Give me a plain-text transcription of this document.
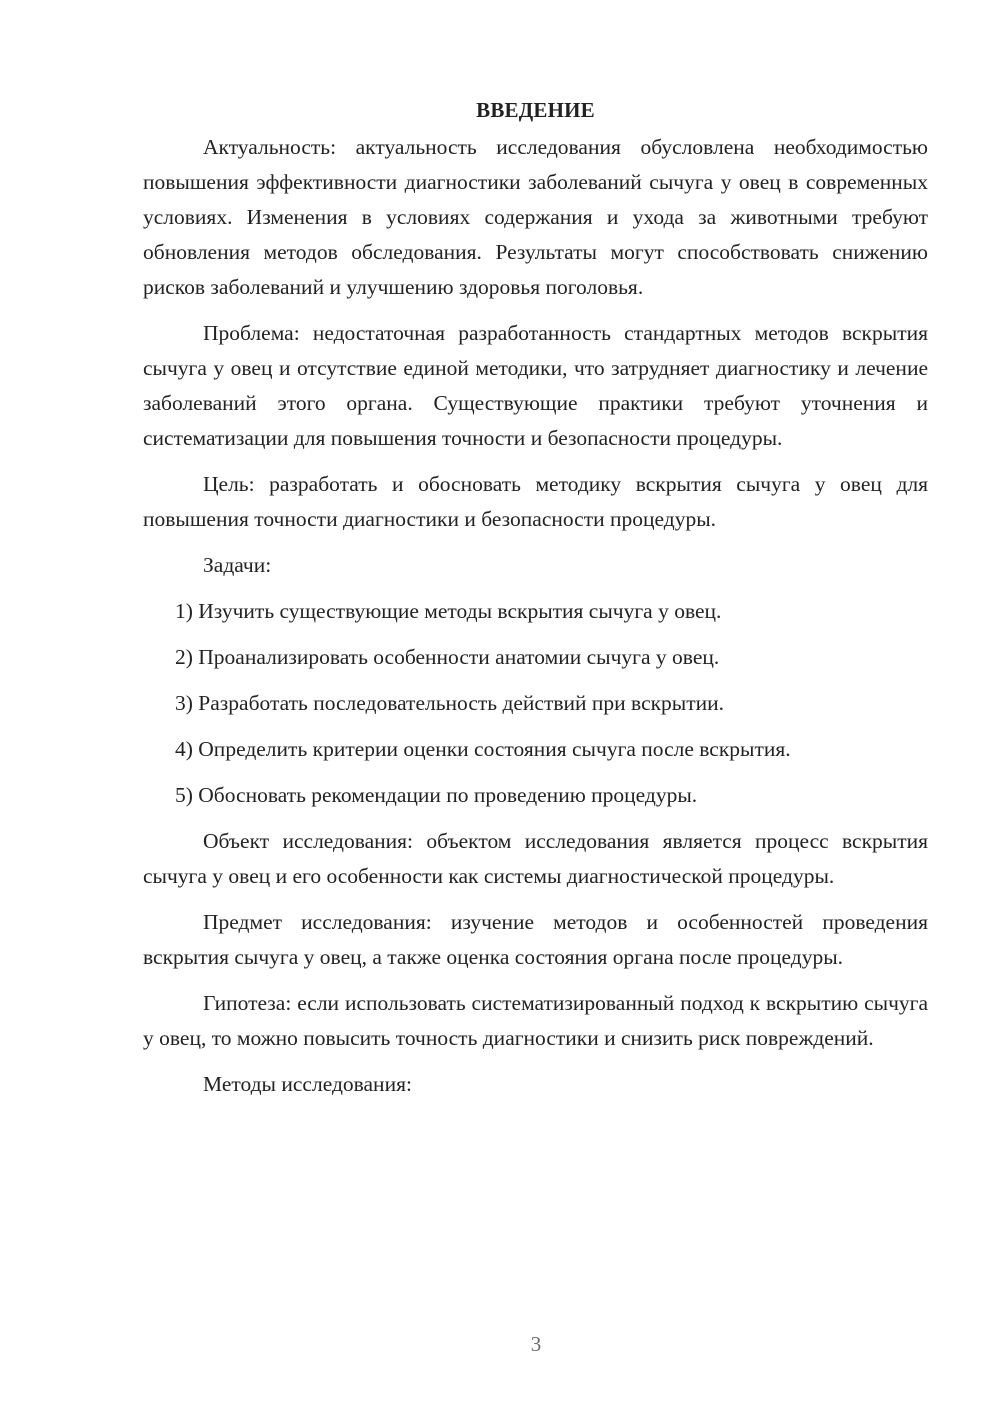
ВВЕДЕНИЕ

Актуальность: актуальность исследования обусловлена необходимостью повышения эффективности диагностики заболеваний сычуга у овец в современных условиях. Изменения в условиях содержания и ухода за животными требуют обновления методов обследования. Результаты могут способствовать снижению рисков заболеваний и улучшению здоровья поголовья.

Проблема: недостаточная разработанность стандартных методов вскрытия сычуга у овец и отсутствие единой методики, что затрудняет диагностику и лечение заболеваний этого органа. Существующие практики требуют уточнения и систематизации для повышения точности и безопасности процедуры.

Цель: разработать и обосновать методику вскрытия сычуга у овец для повышения точности диагностики и безопасности процедуры.

Задачи:

1) Изучить существующие методы вскрытия сычуга у овец.

2) Проанализировать особенности анатомии сычуга у овец.

3) Разработать последовательность действий при вскрытии.

4) Определить критерии оценки состояния сычуга после вскрытия.

5) Обосновать рекомендации по проведению процедуры.

Объект исследования: объектом исследования является процесс вскрытия сычуга у овец и его особенности как системы диагностической процедуры.

Предмет исследования: изучение методов и особенностей проведения вскрытия сычуга у овец, а также оценка состояния органа после процедуры.

Гипотеза: если использовать систематизированный подход к вскрытию сычуга у овец, то можно повысить точность диагностики и снизить риск повреждений.

Методы исследования:

3
